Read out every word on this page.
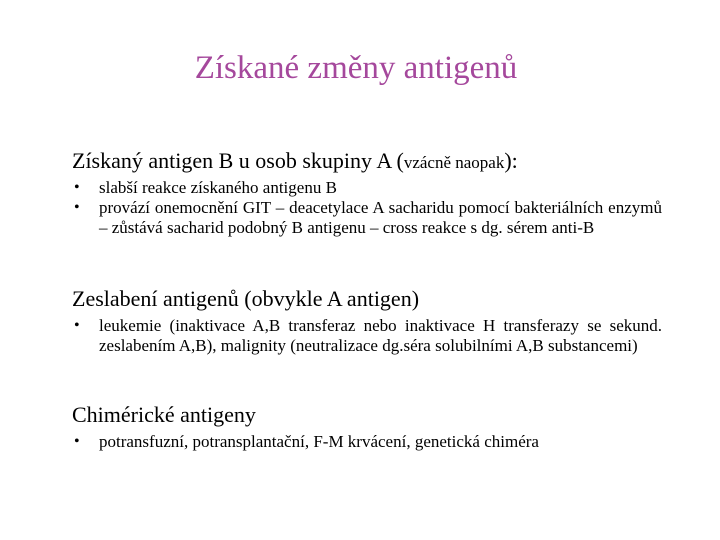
Získané změny antigenů
Získaný antigen B u osob skupiny A (vzácně naopak):
• slabší reakce získaného antigenu B
• provází onemocnění GIT – deacetylace A sacharidu pomocí bakteriálních enzymů – zůstává sacharid podobný B antigenu – cross reakce s dg. sérem anti-B
Zeslabení antigenů (obvykle A antigen)
• leukemie (inaktivace A,B transferaz nebo inaktivace H transferazy se sekund. zeslabením A,B), malignity (neutralizace dg.séra solubilními A,B substancemi)
Chimérické antigeny
• potransfuzní, potransplantační, F-M krvácení, genetická chiméra
